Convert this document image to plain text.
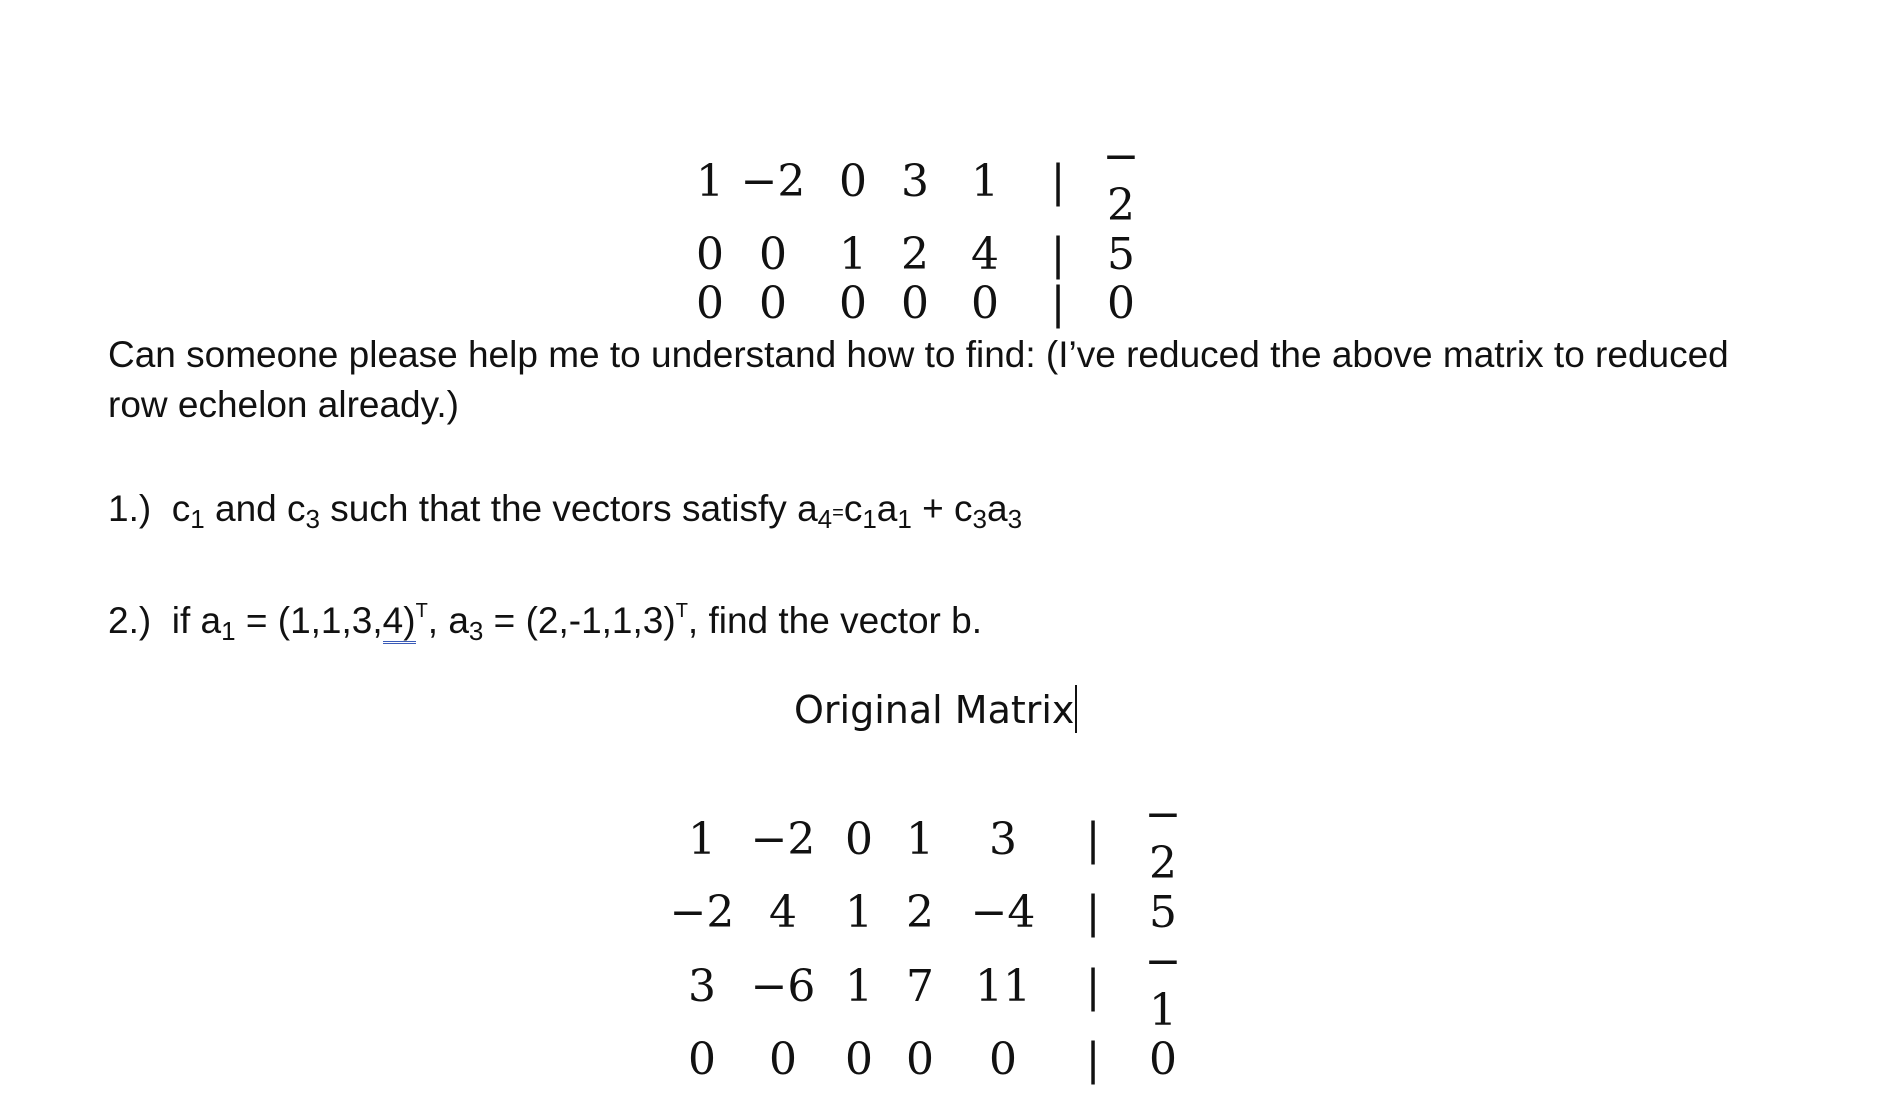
1	−2	0	3	1	|	− 2
0	0	1	2	4	|	5
0	0	0	0	0	|	0
Can someone please help me to understand how to find: (I’ve reduced the above matrix to reduced row echelon already.)
1.) $c_1$ and $c_3$ such that the vectors satisfy $a_4=c_1a_1 + c_3a_3$
2.) if $a_1 = (1,1,3,4)^T$, $a_3 = (2,-1,1,3)^T$, find the vector b.
Original Matrix
1	−2	0	1	3	|	− 2
−2	4	1	2	−4	|	5
3	−6	1	7	11	|	− 1
0	0	0	0	0	|	0
